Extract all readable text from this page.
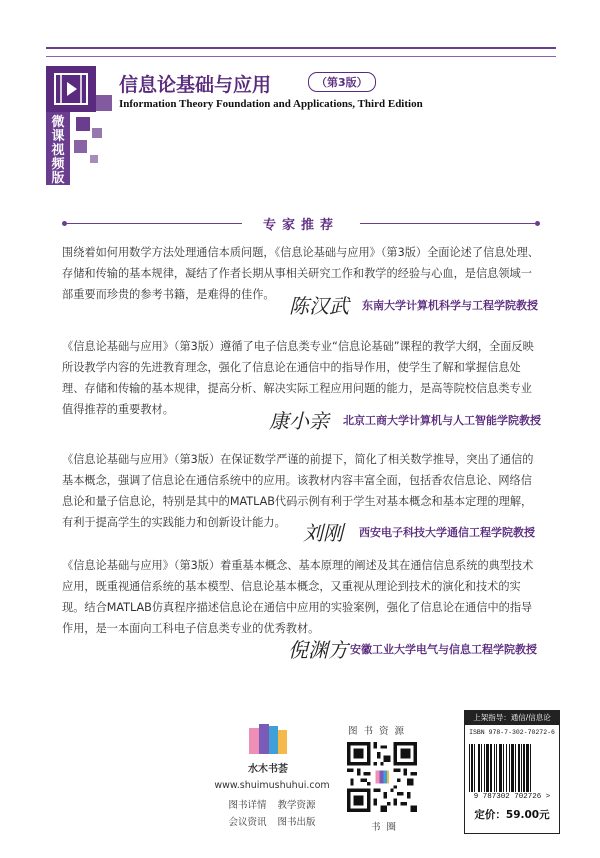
微
课
视
频
版
信息论基础与应用	（第3版）
Information Theory Foundation and Applications, Third Edition
专家推荐

围绕着如何用数学方法处理通信本质问题，《信息论基础与应用》（第3版）全面论述了信息处理、存储和传输的基本规律，凝结了作者长期从事相关研究工作和教学的经验与心血，是信息领域一部重要而珍贵的参考书籍，是难得的佳作。 陈汉武 东南大学计算机科学与工程学院教授

《信息论基础与应用》（第3版）遵循了电子信息类专业“信息论基础”课程的教学大纲，全面反映所设教学内容的先进教育理念，强化了信息论在通信中的指导作用，使学生了解和掌握信息处理、存储和传输的基本规律，提高分析、解决实际工程应用问题的能力，是高等院校信息类专业值得推荐的重要教材。	康小亲 北京工商大学计算机与人工智能学院教授

《信息论基础与应用》（第3版）在保证数学严谨的前提下，简化了相关数学推导，突出了通信的基本概念，强调了信息论在通信系统中的应用。该教材内容丰富全面，包括香农信息论、网络信息论和量子信息论，特别是其中的MATLAB代码示例有利于学生对基本概念和基本定理的理解，有利于提高学生的实践能力和创新设计能力。 刘刚 西安电子科技大学通信工程学院教授

《信息论基础与应用》（第3版）着重基本概念、基本原理的阐述及其在通信信息系统的典型技术应用，既重视通信系统的基本模型、信息论基本概念，又重视从理论到技术的演化和技术的实现。结合MATLAB仿真程序描述信息论在通信中应用的实验案例，强化了信息论在通信中的指导作用，是一本面向工科电子信息类专业的优秀教材。

倪渊方 安徽工业大学电气与信息工程学院教授
水木书荟
www.shuimushuhui.com
图书详情 教学资源
会议资讯 图书出版
图书资源
书圈
上架指导：通信/信息论
ISBN 978-7-302-70272-6
9 787302 702726 >
定价：59.00元
